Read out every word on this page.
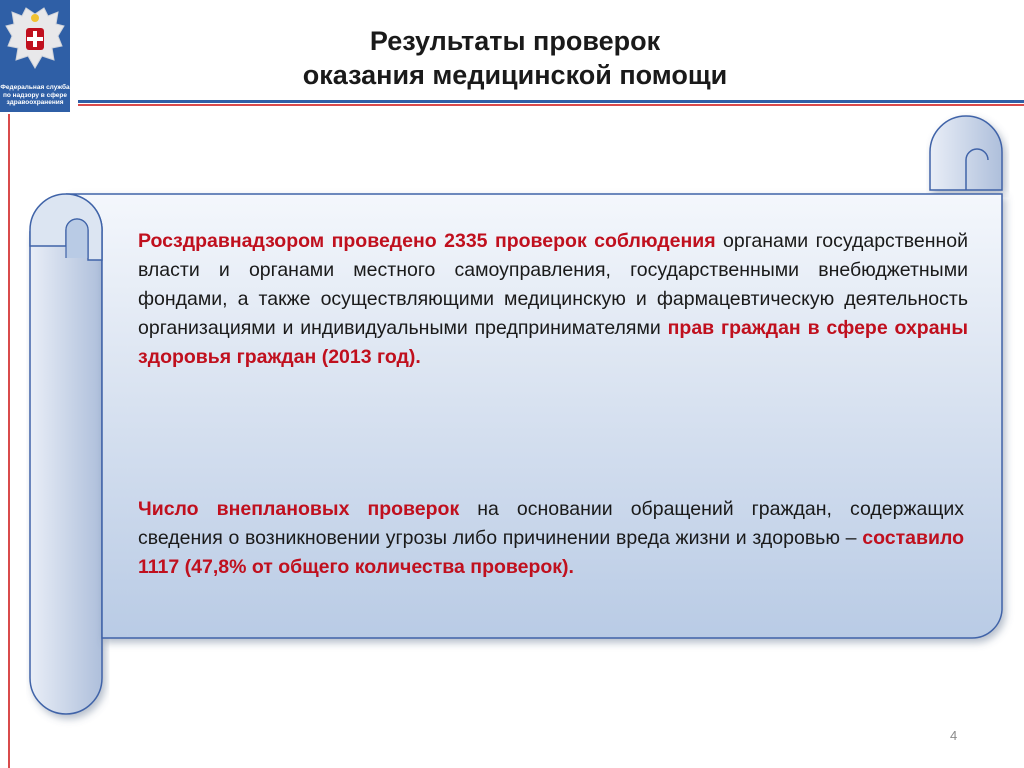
Федеральная служба по надзору в сфере здравоохранения
Результаты проверок
оказания медицинской помощи
Росздравнадзором проведено 2335 проверок соблюдения органами государственной власти и органами местного самоуправления, государственными внебюджетными фондами, а также осуществляющими медицинскую и фармацевтическую деятельность организациями и индивидуальными предпринимателями прав граждан в сфере охраны здоровья граждан (2013 год).
Число внеплановых проверок на основании обращений граждан, содержащих сведения о возникновении угрозы либо причинении вреда жизни и здоровью – составило 1117 (47,8% от общего количества проверок).
4
